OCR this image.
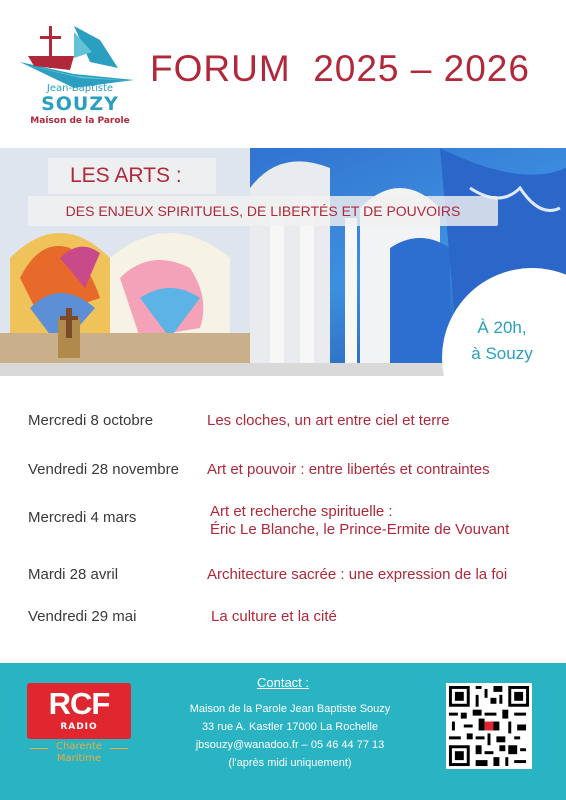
Jean-Baptiste
SOUZY
Maison de la Parole
FORUM  2025 – 2026
LES ARTS :
DES ENJEUX SPIRITUELS, DE LIBERTÉS ET DE POUVOIRS
À 20h,
à Souzy
Mercredi 8 octobre	Les cloches, un art entre ciel et terre
Vendredi 28 novembre Art et pouvoir : entre libertés et contraintes
Mercredi 4 mars	Art et recherche spirituelle :
Éric Le Blanche, le Prince-Ermite de Vouvant
Mardi 28 avril	Architecture sacrée : une expression de la foi
Vendredi 29 mai	La culture et la cité
RCF
RADIO
Charente
Maritime
Contact :
Maison de la Parole Jean Baptiste Souzy
33 rue A. Kastler 17000 La Rochelle
jbsouzy@wanadoo.fr – 05 46 44 77 13
(l'après midi uniquement)
